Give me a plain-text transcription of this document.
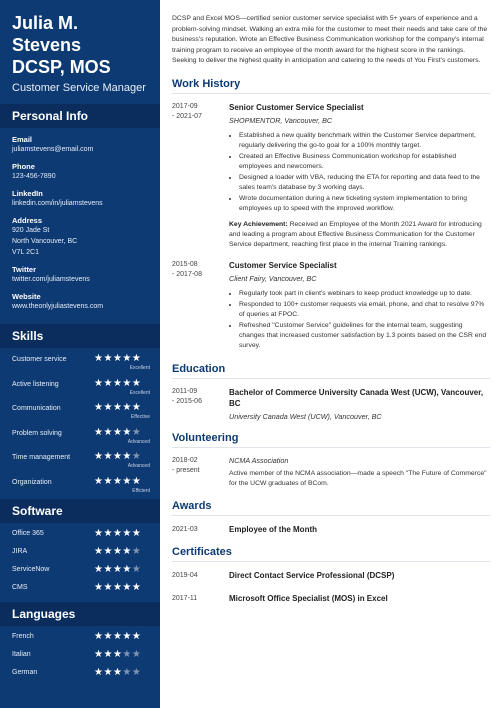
Julia M. Stevens
DCSP, MOS
Customer Service Manager
Personal Info
Email
juliamstevens@email.com
Phone
123-456-7890
LinkedIn
linkedin.com/in/juliamstevens
Address
920 Jade St
North Vancouver, BC
V7L 2C1
Twitter
twitter.com/juliamstevens
Website
www.theonlyjuliastevens.com
Skills
Customer service	★★★★★
Excellent
Active listening	★★★★★
Excellent
Communication	★★★★★
Effective
Problem solving	★★★★★
Advanced
Time management ★★★★★
Advanced
Organization	★★★★★
Efficient
Software
Office 365	★★★★★
JIRA	★★★★★
ServiceNow	★★★★★
CMS	★★★★★
Languages
French	★★★★★
Italian	★★★★★
German	★★★★★
DCSP and Excel MOS—certified senior customer service specialist with 5+ years of experience and a problem-solving mindset. Walking an extra mile for the customer to meet their needs and take care of the business's reputation. Wrote an Effective Business Communication workshop for the company's internal training program to receive an employee of the month award for the highest score in the rankings. Seeking to deliver the highest quality in anticipation and catering to the needs of You First's customers.
Work History
2017-09
- 2021-07
Senior Customer Service Specialist
SHOPMENTOR, Vancouver, BC
• Established a new quality benchmark within the Customer Service department, regularly delivering the go-to goal for a 100% monthly target.
• Created an Effective Business Communication workshop for established employees and newcomers.
• Designed a loader with VBA, reducing the ETA for reporting and data feed to the sales team's database by 3 working days.
• Wrote documentation during a new ticketing system implementation to bring employees up to speed with the improved workflow.
Key Achievement: Received an Employee of the Month 2021 Award for introducing and leading a program about Effective Business Communication for the Customer Service department, reaching first place in the internal Training rankings.
2015-08
- 2017-08
Customer Service Specialist
Client Fairy, Vancouver, BC
• Regularly took part in client's webinars to keep product knowledge up to date.
• Responded to 100+ customer requests via email, phone, and chat to resolve 97% of queries at FPOC.
• Refreshed "Customer Service" guidelines for the internal team, suggesting changes that increased customer satisfaction by 1.3 points based on the CSR end survey.
Education
2011-09
- 2015-06
Bachelor of Commerce University Canada West (UCW), Vancouver, BC
University Canada West (UCW), Vancouver, BC
Volunteering
2018-02
- present
NCMA Association
Active member of the NCMA association—made a speech "The Future of Commerce" for the UCW graduates of BCom.
Awards
2021-03	Employee of the Month
Certificates
2019-04	Direct Contact Service Professional (DCSP)
2017-11	Microsoft Office Specialist (MOS) in Excel
